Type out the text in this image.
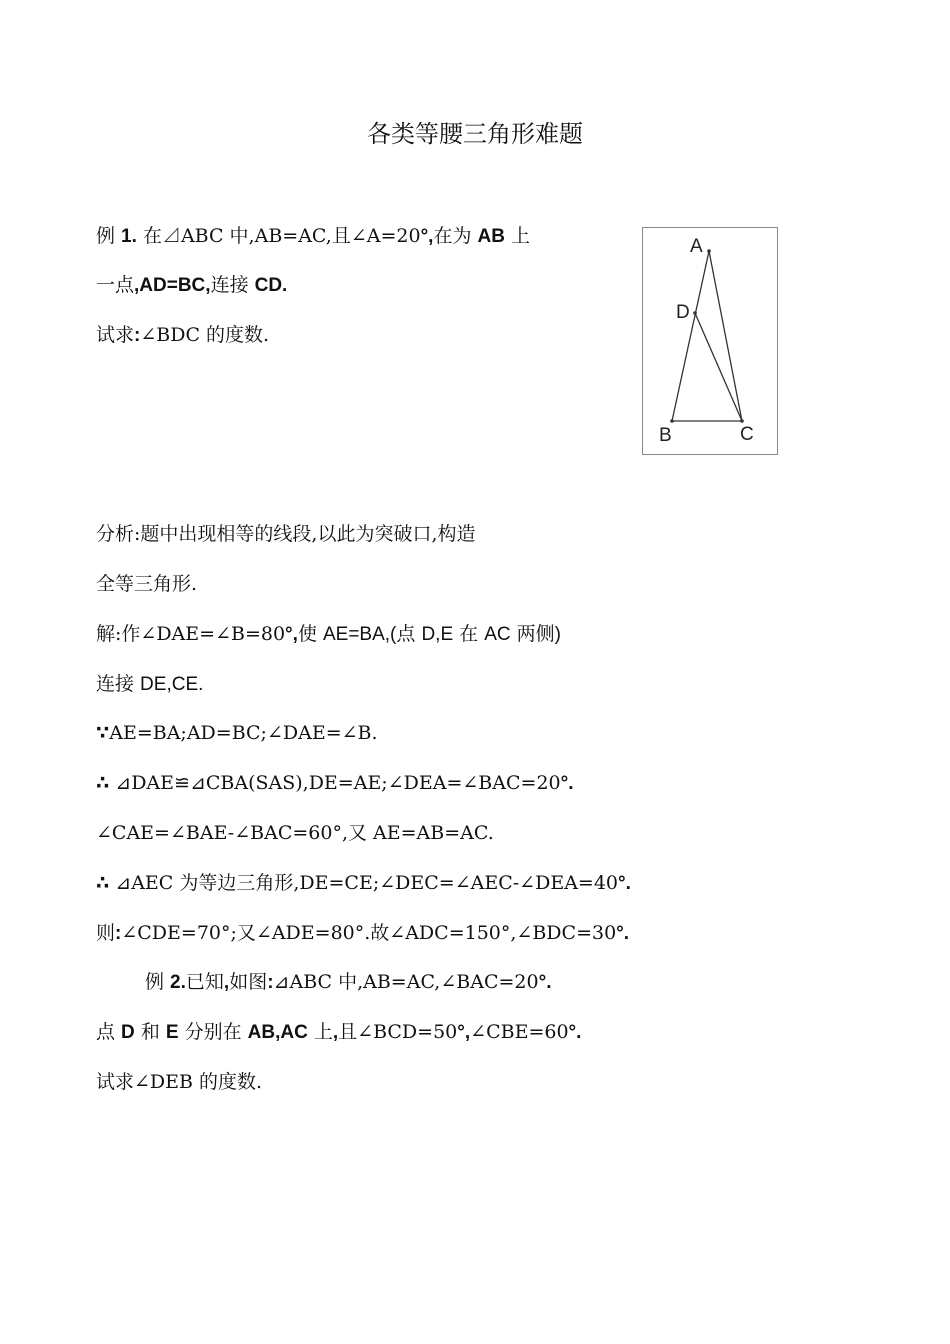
各类等腰三角形难题
例 1. 在⊿ABC 中,AB=AC,且∠A=20°,在为 AB 上
一点,AD=BC,连接 CD.
试求:∠BDC 的度数.
A
D
B	C
分析:题中出现相等的线段,以此为突破口,构造
全等三角形.
解:作∠DAE=∠B=80°,使 AE=BA,(点 D,E 在 AC 两侧)
连接 DE,CE.
∵AE=BA;AD=BC;∠DAE=∠B.
∴ ⊿DAE≌⊿CBA(SAS),DE=AE;∠DEA=∠BAC=20°.
∠CAE=∠BAE-∠BAC=60°,又 AE=AB=AC.
∴ ⊿AEC 为等边三角形,DE=CE;∠DEC=∠AEC-∠DEA=40°.
则:∠CDE=70°;又∠ADE=80°.故∠ADC=150°,∠BDC=30°.
例 2.已知,如图:⊿ABC 中,AB=AC,∠BAC=20°.
点 D 和 E 分别在 AB,AC 上,且∠BCD=50°,∠CBE=60°.
试求∠DEB 的度数.
